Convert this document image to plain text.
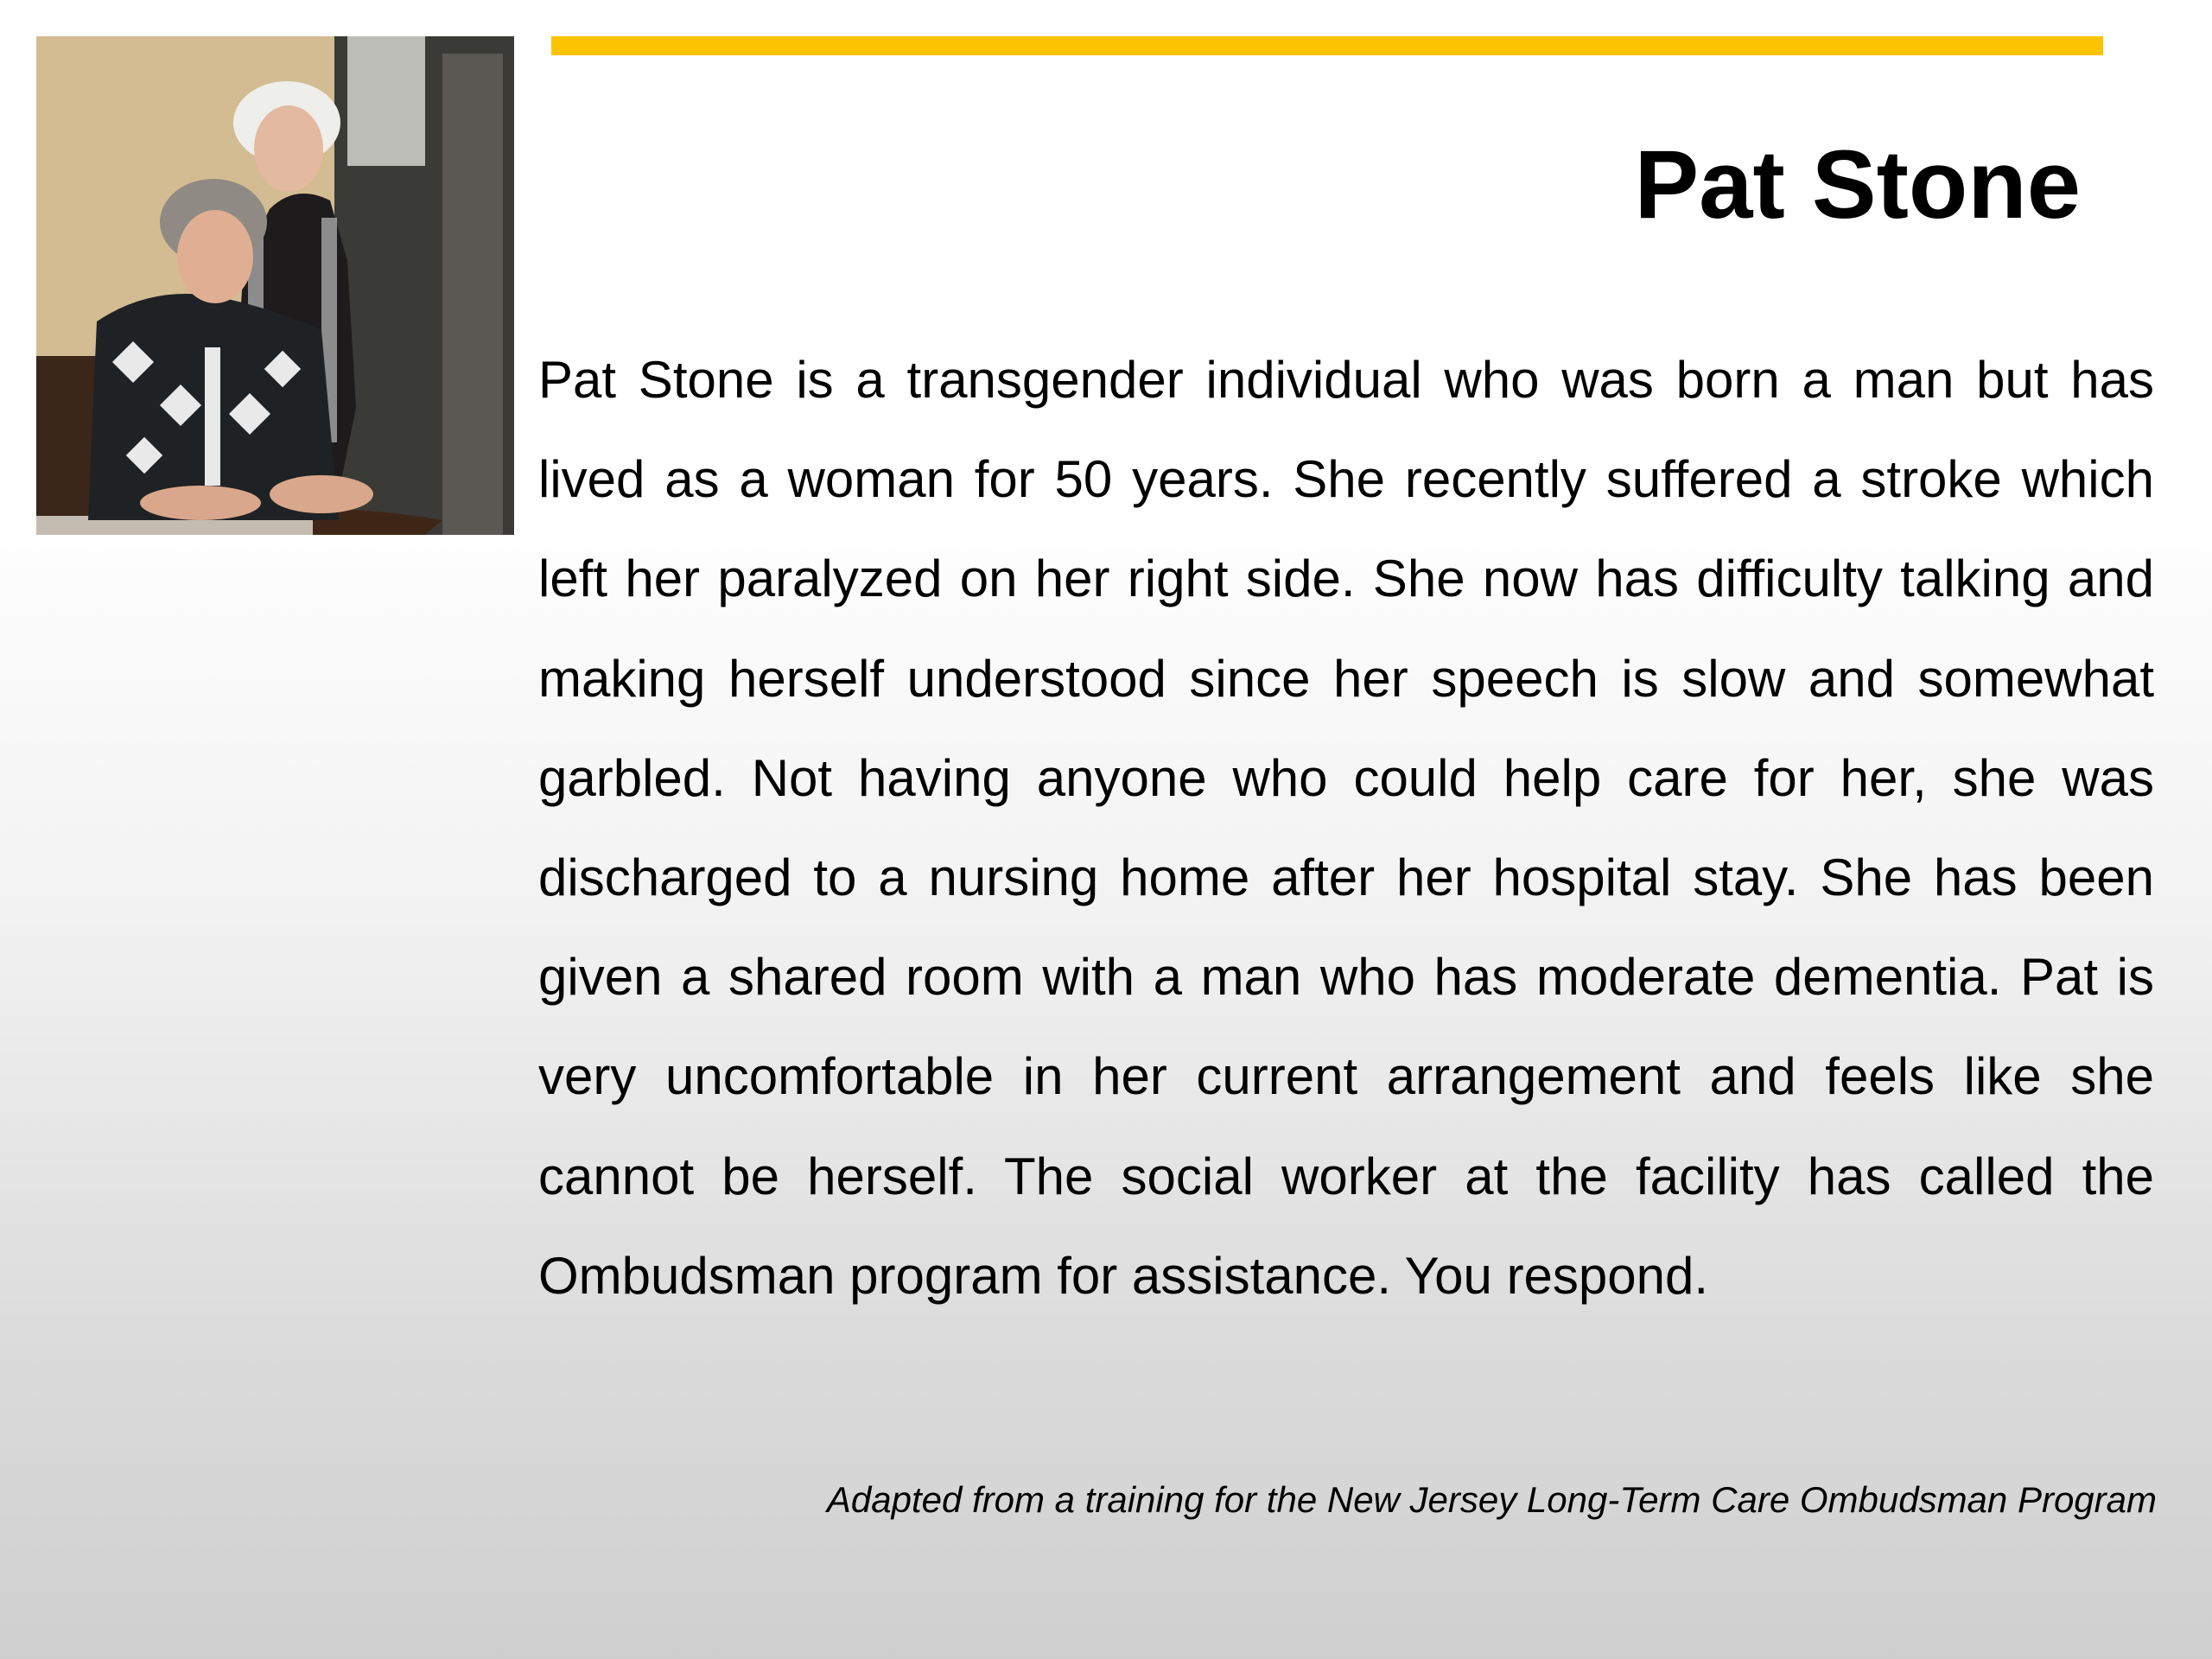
Pat Stone

Pat Stone is a transgender individual who was born a man but has lived as a woman for 50 years. She recently suffered a stroke which left her paralyzed on her right side. She now has difficulty talking and making herself understood since her speech is slow and somewhat garbled. Not having anyone who could help care for her, she was discharged to a nursing home after her hospital stay. She has been given a shared room with a man who has moderate dementia. Pat is very uncomfortable in her current arrangement and feels like she cannot be herself. The social worker at the facility has called the Ombudsman program for assistance. You respond.

Adapted from a training for the New Jersey Long-Term Care Ombudsman Program
